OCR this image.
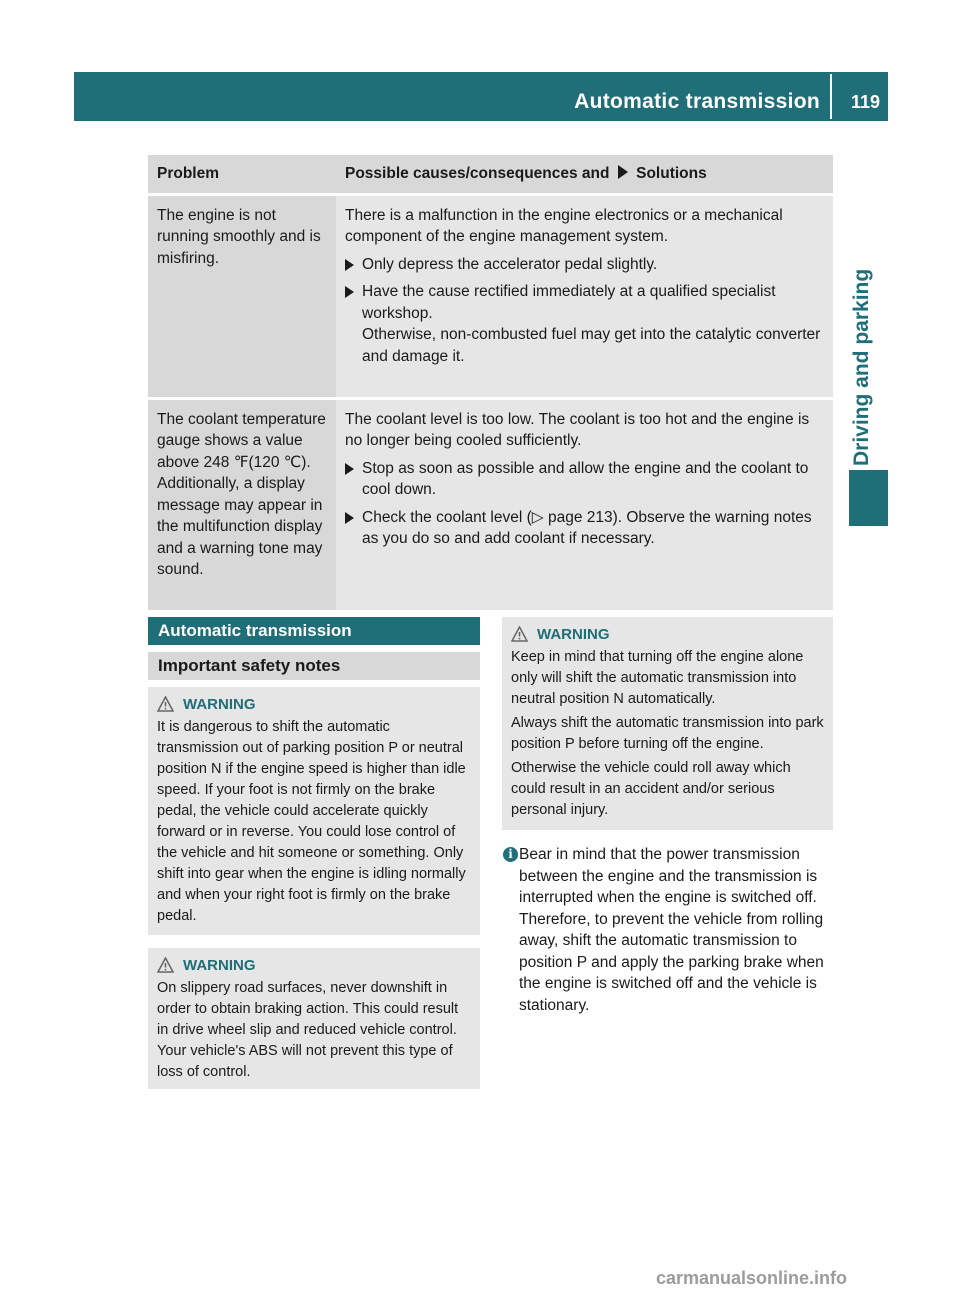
Automatic transmission 119
Driving and parking
Problem	Possible causes/consequences and Solutions
The engine is not running smoothly and is misfiring.	There is a malfunction in the engine electronics or a mechanical component of the engine management system.

Only depress the accelerator pedal slightly.
Have the cause rectified immediately at a qualified specialist workshop.
Otherwise, non-combusted fuel may get into the catalytic converter and damage it.

The coolant temperature gauge shows a value above 248 ℉(120 ℃). Additionally, a display message may appear in the multifunction display and a warning tone may sound.	The coolant level is too low. The coolant is too hot and the engine is no longer being cooled sufficiently.

Stop as soon as possible and allow the engine and the coolant to cool down.
Check the coolant level (▷ page 213). Observe the warning notes as you do so and add coolant if necessary.
Automatic transmission
Important safety notes
WARNING

It is dangerous to shift the automatic transmission out of parking position P or neutral position N if the engine speed is higher than idle speed. If your foot is not firmly on the brake pedal, the vehicle could accelerate quickly forward or in reverse. You could lose control of the vehicle and hit someone or something. Only shift into gear when the engine is idling normally and when your right foot is firmly on the brake pedal.

WARNING

On slippery road surfaces, never downshift in order to obtain braking action. This could result in drive wheel slip and reduced vehicle control. Your vehicle's ABS will not prevent this type of loss of control.

WARNING

Keep in mind that turning off the engine alone only will shift the automatic transmission into neutral position N automatically.

Always shift the automatic transmission into park position P before turning off the engine.

Otherwise the vehicle could roll away which could result in an accident and/or serious personal injury.

i Bear in mind that the power transmission between the engine and the transmission is interrupted when the engine is switched off. Therefore, to prevent the vehicle from rolling away, shift the automatic transmission to position P and apply the parking brake when the engine is switched off and the vehicle is stationary.
carmanualsonline.info
